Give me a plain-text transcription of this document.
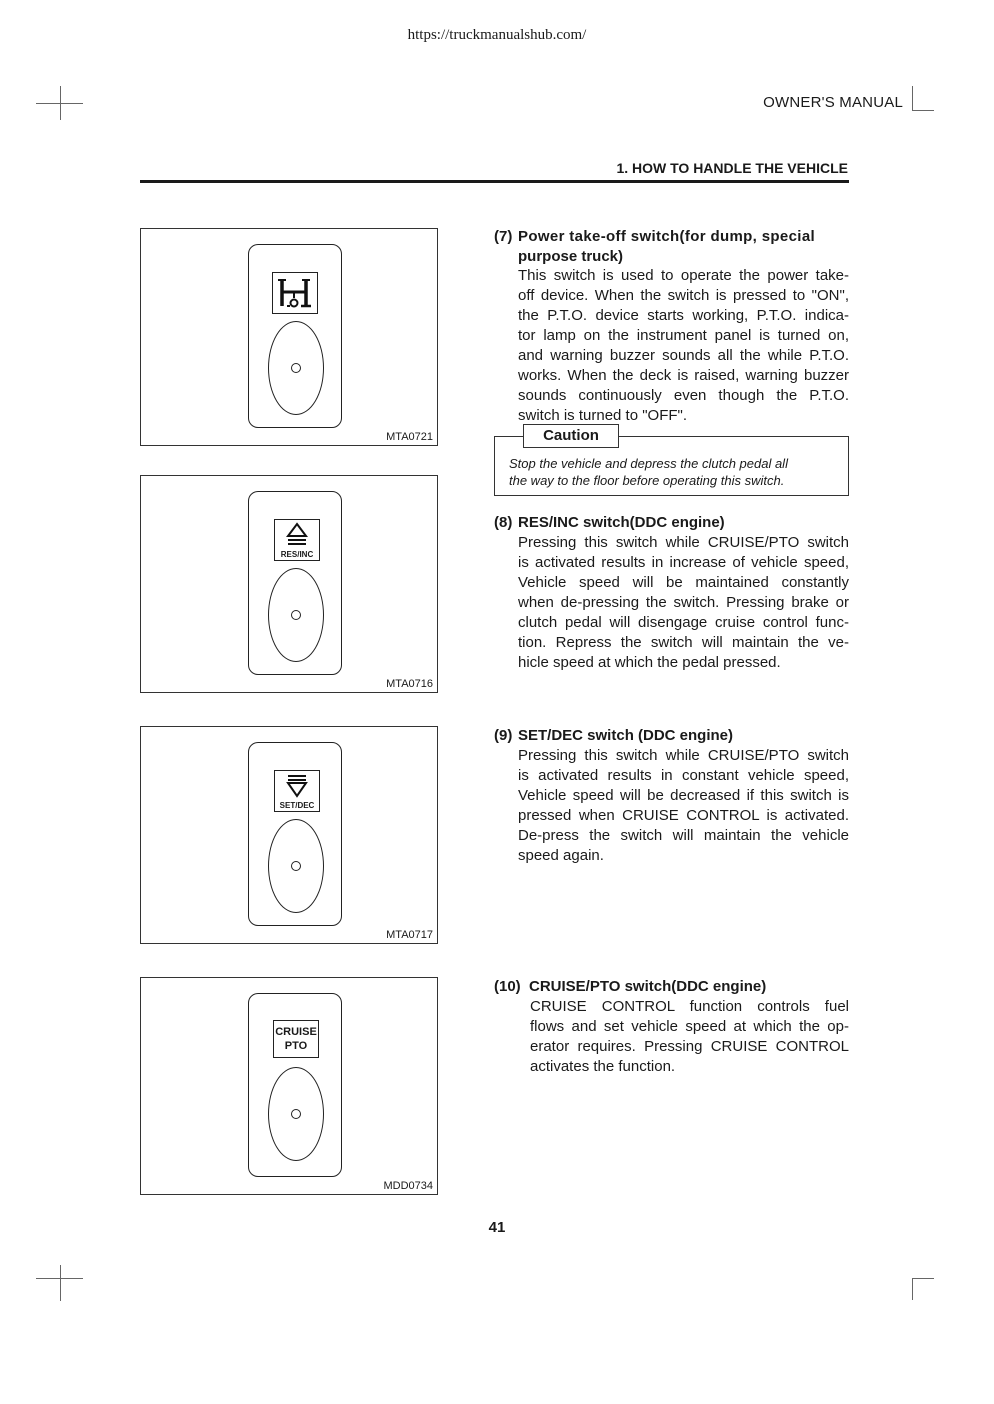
https://truckmanualshub.com/
OWNER'S MANUAL
1. HOW TO HANDLE THE VEHICLE
MTA0721
RES/INC
MTA0716
SET/DEC
MTA0717
CRUISE
PTO
MDD0734
(7) Power take-off switch(for dump, special
purpose truck)
This switch is used to operate the power take-
off device. When the switch is pressed to "ON",
the P.T.O. device starts working, P.T.O. indica-
tor lamp on the instrument panel is turned on,
and warning buzzer sounds all the while P.T.O.
works. When the deck is raised, warning buzzer
sounds continuously even though the P.T.O.
switch is turned to "OFF".
Caution
Stop the vehicle and depress the clutch pedal all
the way to the floor before operating this switch.
(8) RES/INC switch(DDC engine)
Pressing this switch while CRUISE/PTO switch
is activated results in increase of vehicle speed,
Vehicle speed will be maintained constantly
when de-pressing the switch. Pressing brake or
clutch pedal will disengage cruise control func-
tion. Repress the switch will maintain the ve-
hicle speed at which the pedal pressed.
(9) SET/DEC switch (DDC engine)
Pressing this switch while CRUISE/PTO switch
is activated results in constant vehicle speed,
Vehicle speed will be decreased if this switch is
pressed when CRUISE CONTROL is activated.
De-press the switch will maintain the vehicle
speed again.
(10) CRUISE/PTO switch(DDC engine)
CRUISE CONTROL function controls fuel
flows and set vehicle speed at which the op-
erator requires. Pressing CRUISE CONTROL
activates the function.
41
